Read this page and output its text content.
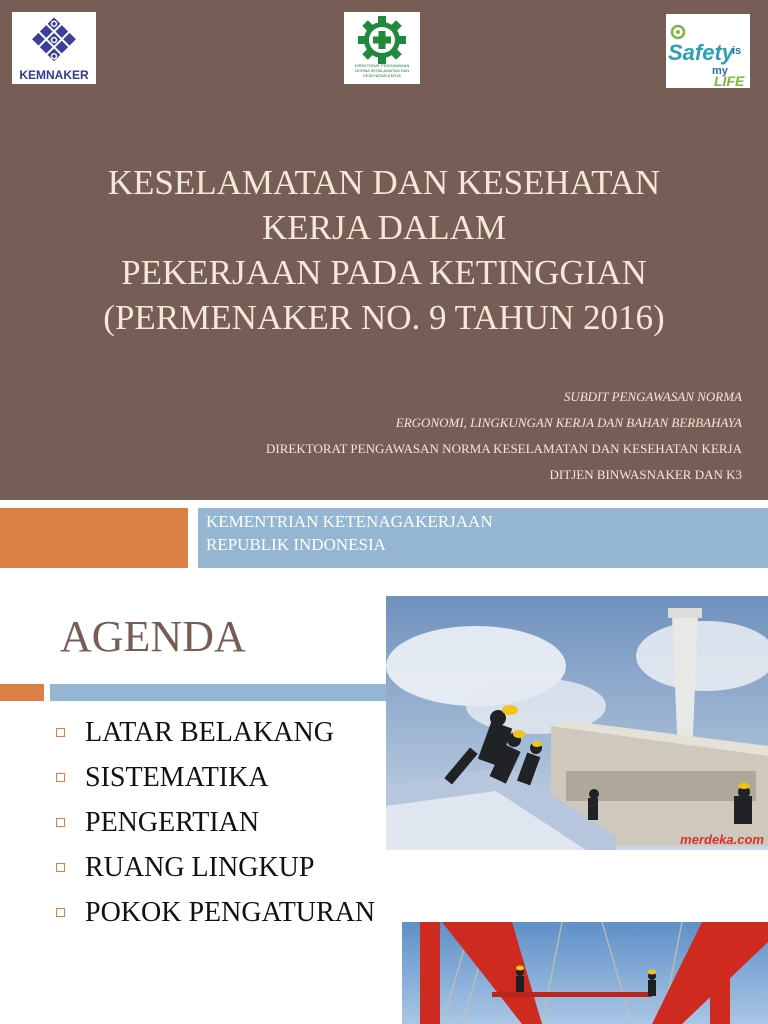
KEMNAKER
DIREKTORAT PENGAWASAN NORMA KESELAMATAN DAN KESEHATAN KERJA
Safety
is
my
LIFE
KESELAMATAN DAN KESEHATAN
KERJA DALAM
PEKERJAAN PADA KETINGGIAN
(PERMENAKER NO. 9 TAHUN 2016)
SUBDIT PENGAWASAN NORMA
ERGONOMI, LINGKUNGAN KERJA DAN BAHAN BERBAHAYA
DIREKTORAT PENGAWASAN NORMA KESELAMATAN DAN KESEHATAN KERJA
DITJEN BINWASNAKER DAN K3
KEMENTRIAN KETENAGAKERJAAN
REPUBLIK INDONESIA
AGENDA
LATAR BELAKANG
SISTEMATIKA
PENGERTIAN
RUANG LINGKUP
POKOK PENGATURAN
merdeka.com
